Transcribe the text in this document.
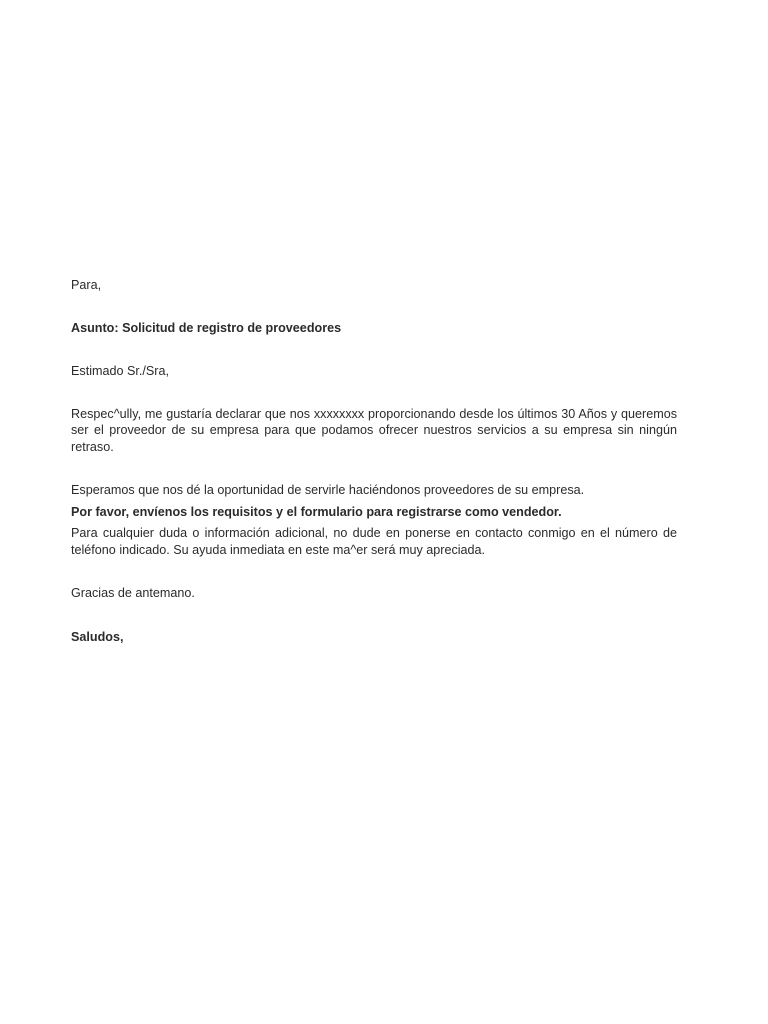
Para,

Asunto: Solicitud de registro de proveedores

Estimado Sr./Sra,

Respec^ully, me gustaría declarar que nos xxxxxxxx proporcionando desde los últimos 30 Años y queremos ser el proveedor de su empresa para que podamos ofrecer nuestros servicios a su empresa sin ningún retraso.

Esperamos que nos dé la oportunidad de servirle haciéndonos proveedores de su empresa.

Por favor, envíenos los requisitos y el formulario para registrarse como vendedor.

Para cualquier duda o información adicional, no dude en ponerse en contacto conmigo en el número de teléfono indicado. Su ayuda inmediata en este ma^er será muy apreciada.

Gracias de antemano.

Saludos,
